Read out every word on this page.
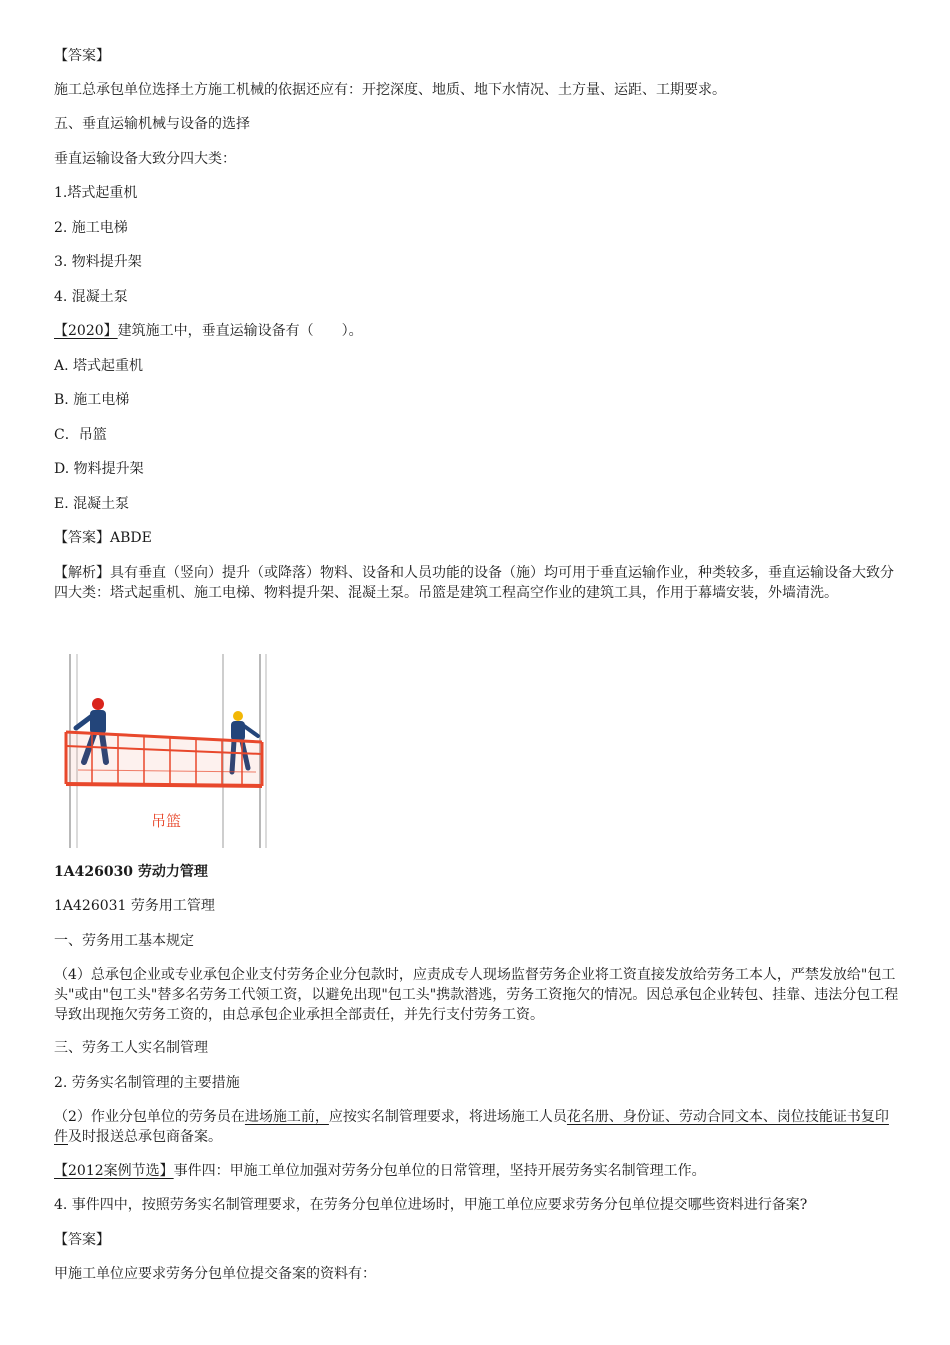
【答案】
施工总承包单位选择土方施工机械的依据还应有：开挖深度、地质、地下水情况、土方量、运距、工期要求。
五、垂直运输机械与设备的选择
垂直运输设备大致分四大类：
1.塔式起重机
2. 施工电梯
3. 物料提升架
4. 混凝土泵
【2020】建筑施工中，垂直运输设备有（　　）。
A. 塔式起重机
B. 施工电梯
C．吊篮
D. 物料提升架
E. 混凝土泵
【答案】ABDE
【解析】具有垂直（竖向）提升（或降落）物料、设备和人员功能的设备（施）均可用于垂直运输作业，种类较多，垂直运输设备大致分四大类：塔式起重机、施工电梯、物料提升架、混凝土泵。吊篮是建筑工程高空作业的建筑工具，作用于幕墙安装，外墙清洗。
1A426030 劳动力管理
1A426031 劳务用工管理
一、劳务用工基本规定
（4）总承包企业或专业承包企业支付劳务企业分包款时，应责成专人现场监督劳务企业将工资直接发放给劳务工本人，严禁发放给"包工头"或由"包工头"替多名劳务工代领工资，以避免出现"包工头"携款潜逃，劳务工资拖欠的情况。因总承包企业转包、挂靠、违法分包工程导致出现拖欠劳务工资的，由总承包企业承担全部责任，并先行支付劳务工资。
三、劳务工人实名制管理
2. 劳务实名制管理的主要措施
（2）作业分包单位的劳务员在进场施工前，应按实名制管理要求，将进场施工人员花名册、身份证、劳动合同文本、岗位技能证书复印件及时报送总承包商备案。
【2012案例节选】事件四：甲施工单位加强对劳务分包单位的日常管理，坚持开展劳务实名制管理工作。
4. 事件四中，按照劳务实名制管理要求，在劳务分包单位进场时，甲施工单位应要求劳务分包单位提交哪些资料进行备案?
【答案】
甲施工单位应要求劳务分包单位提交备案的资料有：
吊篮
